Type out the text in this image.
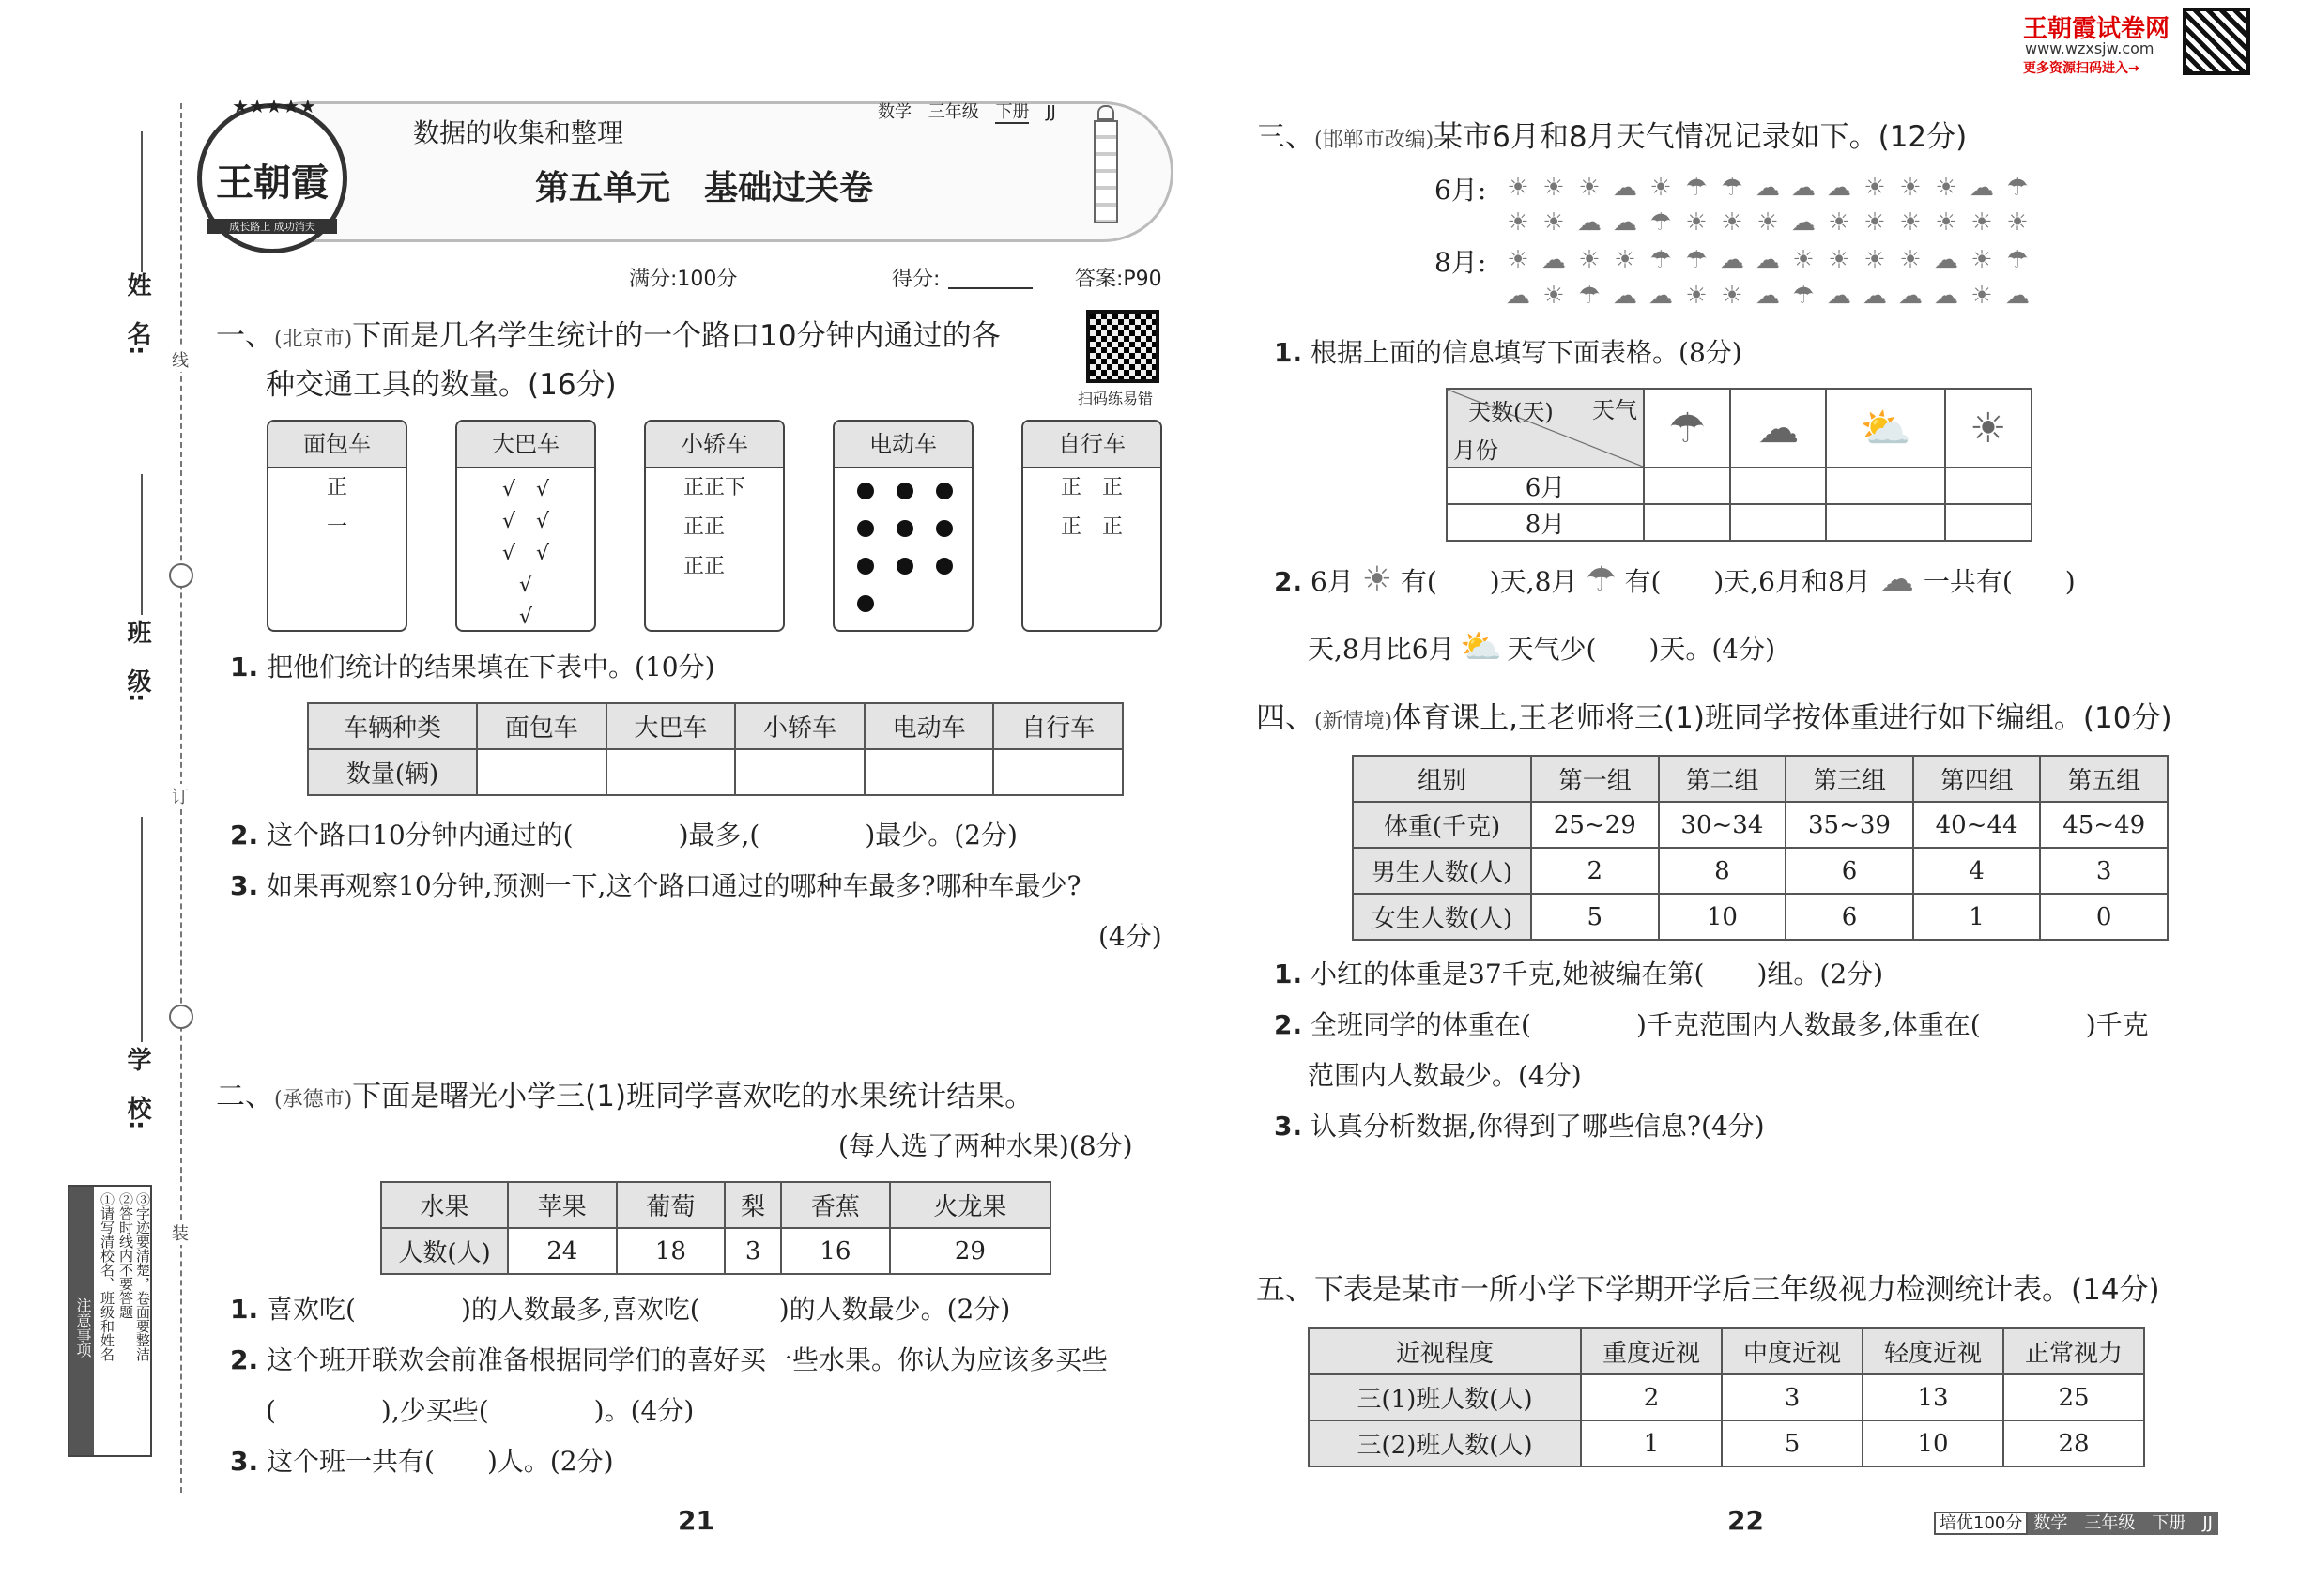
姓　名:
班　级:
学　校:
线
订
装
注意事项 ①请写清校名、班级和姓名 ②答时线内不要答题 ③字迹要清楚，卷面要整洁
★★★★★
王朝霞
成长路上 成功消夫
数据的收集和整理
数学 三年级 下册 JJ
第五单元　基础过关卷
满分:100分	得分:	答案:P90
扫码练易错
一、(北京市)下面是几名学生统计的一个路口10分钟内通过的各
种交通工具的数量。(16分)
面包车
正
一
大巴车
√　√
√　√
√　√
√
√
小轿车
正正下
正正　
正正　
电动车	自行车
正　正
正　正
1. 把他们统计的结果填在下表中。(10分)
车辆种类	面包车	大巴车	小轿车	电动车	自行车
数量(辆)					
2. 这个路口10分钟内通过的(　　　　)最多,(　　　　)最少。(2分)
3. 如果再观察10分钟,预测一下,这个路口通过的哪种车最多?哪种车最少?
(4分)
二、(承德市)下面是曙光小学三(1)班同学喜欢吃的水果统计结果。
(每人选了两种水果)(8分)
水果	苹果	葡萄	梨	香蕉	火龙果
人数(人)	24	18	3	16	29
1. 喜欢吃(　　　　)的人数最多,喜欢吃(　　　)的人数最少。(2分)
2. 这个班开联欢会前准备根据同学们的喜好买一些水果。你认为应该多买些
(　　　　),少买些(　　　　)。(4分)
3. 这个班一共有(　　)人。(2分)
21
王朝霞试卷网
www.wzxsjw.com
更多资源扫码进入→
三、(邯郸市改编)某市6月和8月天气情况记录如下。(12分)
6月: ☀ ☀ ☀ ☁ ☀ ☂ ☂ ☁ ☁ ☁ ☀ ☀ ☀ ☁ ☂
☀ ☀ ☁ ☁ ☂ ☀ ☀ ☀ ☁ ☀ ☀ ☀ ☀ ☀ ☀
8月: ☀ ☁ ☀ ☀ ☂ ☂ ☁ ☁ ☀ ☀ ☀ ☀ ☁ ☀ ☂
☁ ☀ ☂ ☁ ☁ ☀ ☀ ☁ ☂ ☁ ☁ ☁ ☁ ☀ ☁
1. 根据上面的信息填写下面表格。(8分)
天数(天) 天气
月份	☂	☁	⛅	☀
6月				
8月				
2. 6月 ☀ 有(　　)天,8月 ☂ 有(　　)天,6月和8月 ☁ 一共有(　　)
天,8月比6月 ⛅ 天气少(　　)天。(4分)
四、(新情境)体育课上,王老师将三(1)班同学按体重进行如下编组。(10分)
组别	第一组	第二组	第三组	第四组	第五组
体重(千克)	25~29	30~34	35~39	40~44	45~49
男生人数(人)	2	8	6	4	3
女生人数(人)	5	10	6	1	0
1. 小红的体重是37千克,她被编在第(　　)组。(2分)
2. 全班同学的体重在(　　　　)千克范围内人数最多,体重在(　　　　)千克
范围内人数最少。(4分)
3. 认真分析数据,你得到了哪些信息?(4分)
五、下表是某市一所小学下学期开学后三年级视力检测统计表。(14分)
近视程度	重度近视	中度近视	轻度近视	正常视力
三(1)班人数(人)	2	3	13	25
三(2)班人数(人)	1	5	10	28
22	培优100分 数学　三年级　下册　JJ
